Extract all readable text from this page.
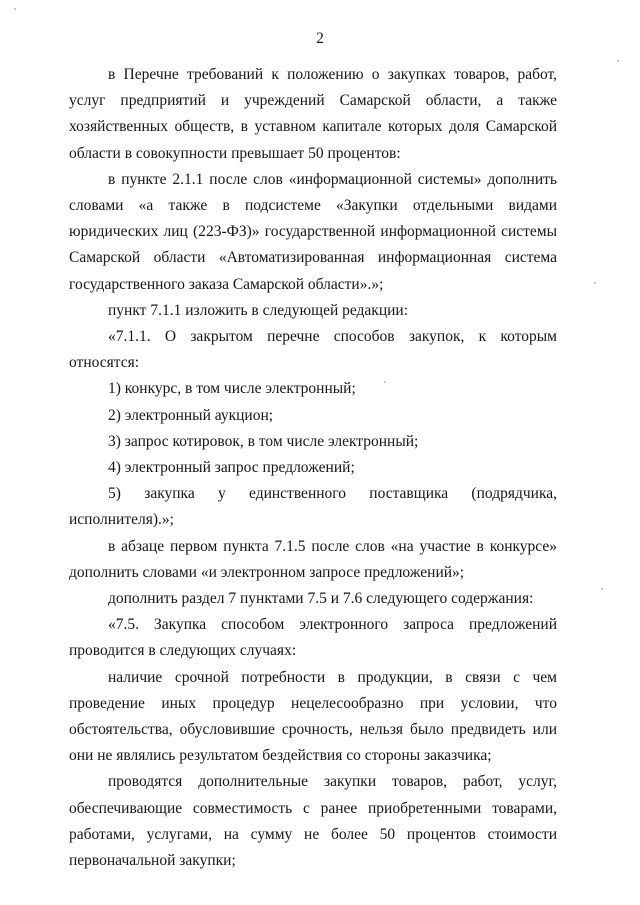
2

в Перечне требований к положению о закупках товаров, работ, услуг предприятий и учреждений Самарской области, а также хозяйственных обществ, в уставном капитале которых доля Самарской области в совокупности превышает 50 процентов:

в пункте 2.1.1 после слов «информационной системы» дополнить словами «а также в подсистеме «Закупки отдельными видами юридических лиц (223-ФЗ)» государственной информационной системы Самарской области «Автоматизированная информационная система государственного заказа Самарской области».»;

пункт 7.1.1 изложить в следующей редакции:

«7.1.1. О закрытом перечне способов закупок, к которым относятся:

1) конкурс, в том числе электронный;

2) электронный аукцион;

3) запрос котировок, в том числе электронный;

4) электронный запрос предложений;

5) закупка у единственного поставщика (подрядчика, исполнителя).»;

в абзаце первом пункта 7.1.5 после слов «на участие в конкурсе» дополнить словами «и электронном запросе предложений»;

дополнить раздел 7 пунктами 7.5 и 7.6 следующего содержания:

«7.5. Закупка способом электронного запроса предложений проводится в следующих случаях:

наличие срочной потребности в продукции, в связи с чем проведение иных процедур нецелесообразно при условии, что обстоятельства, обусловившие срочность, нельзя было предвидеть или они не являлись результатом бездействия со стороны заказчика;

проводятся дополнительные закупки товаров, работ, услуг, обеспечивающие совместимость с ранее приобретенными товарами, работами, услугами, на сумму не более 50 процентов стоимости первоначальной закупки;
